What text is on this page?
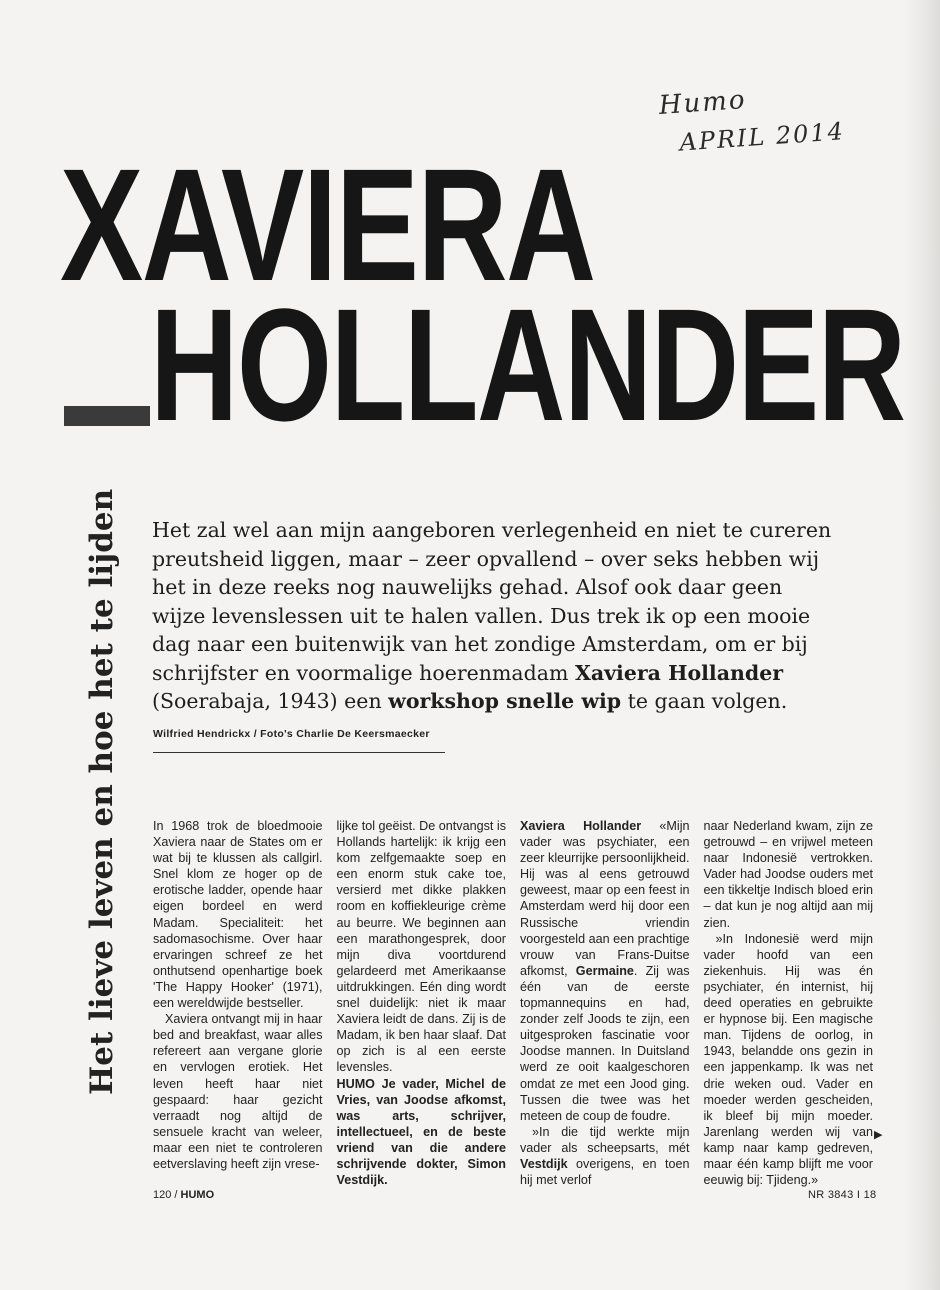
Humo
APRIL 2014
XAVIERA
HOLLANDER
Het lieve leven en hoe het te lijden Het zal wel aan mijn aangeboren verlegenheid en niet te cureren preutsheid liggen, maar – zeer opvallend – over seks hebben wij het in deze reeks nog nauwelijks gehad. Alsof ook daar geen wijze levenslessen uit te halen vallen. Dus trek ik op een mooie dag naar een buitenwijk van het zondige Amsterdam, om er bij schrijfster en voormalige hoerenmadam Xaviera Hollander (Soerabaja, 1943) een workshop snelle wip te gaan volgen.
Wilfried Hendrickx / Foto's Charlie De Keersmaecker

In 1968 trok de bloedmooie Xaviera naar de States om er wat bij te klussen als callgirl. Snel klom ze hoger op de erotische ladder, opende haar eigen bordeel en werd Madam. Specialiteit: het sadomasochisme. Over haar ervaringen schreef ze het onthutsend openhartige boek 'The Happy Hooker' (1971), een wereldwijde bestseller.

Xaviera ontvangt mij in haar bed and breakfast, waar alles refereert aan vergane glorie en vervlogen erotiek. Het leven heeft haar niet gespaard: haar gezicht verraadt nog altijd de sensuele kracht van weleer, maar een niet te controleren eetverslaving heeft zijn vrese-

lijke tol geëist. De ontvangst is Hollands hartelijk: ik krijg een kom zelfgemaakte soep en een enorm stuk cake toe, versierd met dikke plakken room en koffiekleurige crème au beurre. We beginnen aan een marathongesprek, door mijn diva voortdurend gelardeerd met Amerikaanse uitdrukkingen. Eén ding wordt snel duidelijk: niet ik maar Xaviera leidt de dans. Zij is de Madam, ik ben haar slaaf. Dat op zich is al een eerste levensles.

HUMO Je vader, Michel de Vries, van Joodse afkomst, was arts, schrijver, intellectueel, en de beste vriend van die andere schrijvende dokter, Simon Vestdijk.

Xaviera Hollander «Mijn vader was psychiater, een zeer kleurrijke persoonlijkheid. Hij was al eens getrouwd geweest, maar op een feest in Amsterdam werd hij door een Russische vriendin voorgesteld aan een prachtige vrouw van Frans-Duitse afkomst, Germaine. Zij was één van de eerste topmannequins en had, zonder zelf Joods te zijn, een uitgesproken fascinatie voor Joodse mannen. In Duitsland werd ze ooit kaalgeschoren omdat ze met een Jood ging. Tussen die twee was het meteen de coup de foudre.

»In die tijd werkte mijn vader als scheepsarts, mét Vestdijk overigens, en toen hij met verlof

naar Nederland kwam, zijn ze getrouwd – en vrijwel meteen naar Indonesië vertrokken. Vader had Joodse ouders met een tikkeltje Indisch bloed erin – dat kun je nog altijd aan mij zien.

»In Indonesië werd mijn vader hoofd van een ziekenhuis. Hij was én psychiater, én internist, hij deed operaties en gebruikte er hypnose bij. Een magische man. Tijdens de oorlog, in 1943, belandde ons gezin in een jappenkamp. Ik was net drie weken oud. Vader en moeder werden gescheiden, ik bleef bij mijn moeder. Jarenlang werden wij van kamp naar kamp gedreven, maar één kamp blijft me voor eeuwig bij: Tjideng.»

▶
120 / HUMO	NR 3843 I 18
